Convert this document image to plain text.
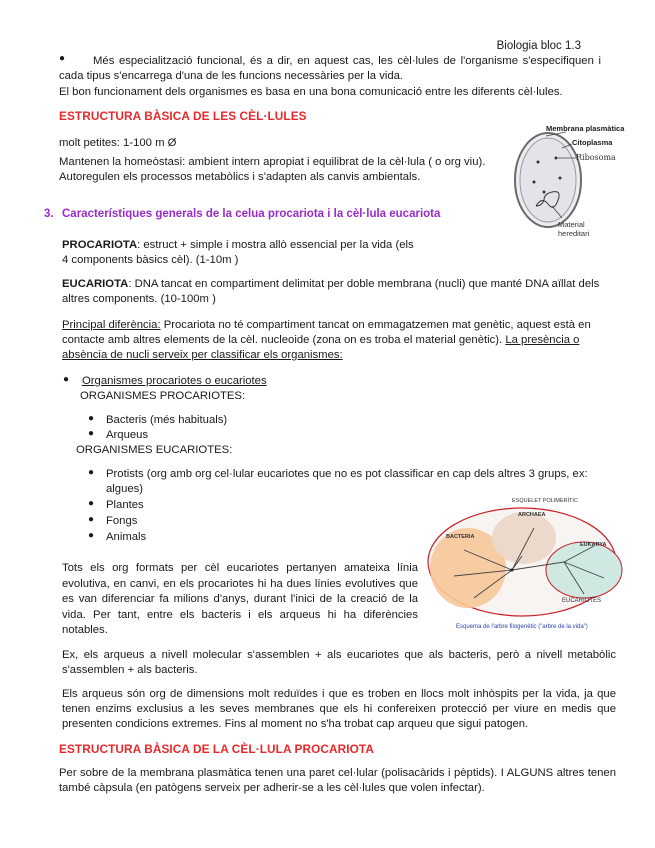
Biologia bloc 1.3
●	Més especialització funcional, és a dir, en aquest cas, les cèl·lules de l'organisme s'especifiquen i cada tipus s'encarrega d'una de les funcions necessàries per la vida.
El bon funcionament dels organismes es basa en una bona comunicació entre les diferents cèl·lules.
ESTRUCTURA BÀSICA DE LES CÈL·LULES
molt petites: 1-100 m Ø
Mantenen la homeòstasi: ambient intern apropiat i equilibrat de la cèl·lula ( o org viu). Autoregulen els processos metabòlics i s'adapten als canvis ambientals.
Membrana plasmàtica
Citoplasma
Ribosoma
Material hereditari
3. Característiques generals de la celua procariota i la cèl·lula eucariota
PROCARIOTA: estruct + simple i mostra allò essencial per la vida (els 4 components bàsics cèl). (1-10m )
EUCARIOTA: DNA tancat en compartiment delimitat per doble membrana (nucli) que manté DNA aïllat dels altres components. (10-100m )
Principal diferència: Procariota no té compartiment tancat on emmagatzemen mat genètic, aquest està en contacte amb altres elements de la cèl. nucleoide (zona on es troba el material genètic). La presència o absència de nucli serveix per classificar els organismes:
● Organismes procariotes o eucariotes
ORGANISMES PROCARIOTES:
● Bacteris (més habituals)
● Arqueus
ORGANISMES EUCARIOTES:
● Protists (org amb org cel·lular eucariotes que no es pot classificar en cap dels altres 3 grups, ex: algues)
● Plantes
● Fongs
● Animals
ESQUELET POLIMERÍTIC
BACTERIA
ARCHAEA
EUKARYA
EUCARIOTES
Esquema de l'arbre filogenètic ("arbre de la vida")
Tots els org formats per cèl eucariotes pertanyen amateixa línia evolutiva, en canvi, en els procariotes hi ha dues línies evolutives que es van diferenciar fa milions d'anys, durant l'inici de la creació de la vida. Per tant, entre els bacteris i els arqueus hi ha diferències notables.
Ex, els arqueus a nivell molecular s'assemblen + als eucariotes que als bacteris, però a nivell metabòlic s'assemblen + als bacteris.
Els arqueus són org de dimensions molt reduïdes i que es troben en llocs molt inhòspits per la vida, ja que tenen enzims exclusius a les seves membranes que els hi confereixen protecció per viure en medis que presenten condicions extremes. Fins al moment no s'ha trobat cap arqueu que sigui patogen.
ESTRUCTURA BÀSICA DE LA CÈL·LULA PROCARIOTA
Per sobre de la membrana plasmàtica tenen una paret cel·lular (polisacàrids i pèptids). I ALGUNS altres tenen també càpsula (en patògens serveix per adherir-se a les cèl·lules que volen infectar).
